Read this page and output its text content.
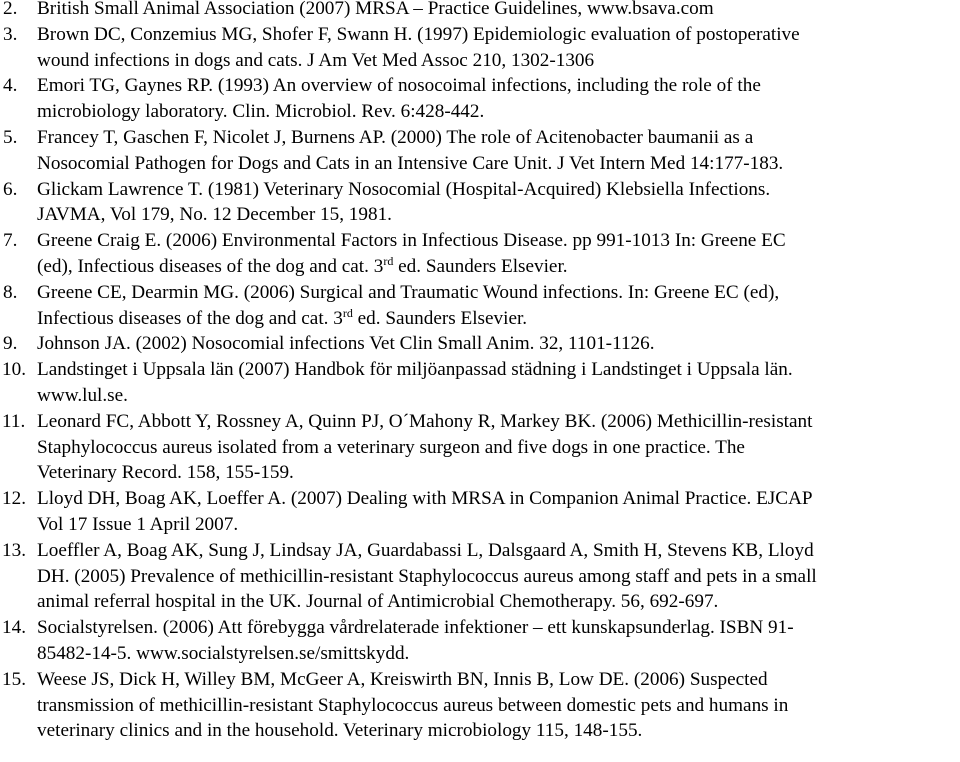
2. British Small Animal Association (2007) MRSA – Practice Guidelines, www.bsava.com
3. Brown DC, Conzemius MG, Shofer F, Swann H. (1997) Epidemiologic evaluation of postoperative
wound infections in dogs and cats. J Am Vet Med Assoc 210, 1302-1306
4. Emori TG, Gaynes RP. (1993) An overview of nosocoimal infections, including the role of the
microbiology laboratory. Clin. Microbiol. Rev. 6:428-442.
5. Francey T, Gaschen F, Nicolet J, Burnens AP. (2000) The role of Acitenobacter baumanii as a
Nosocomial Pathogen for Dogs and Cats in an Intensive Care Unit. J Vet Intern Med 14:177-183.
6. Glickam Lawrence T. (1981) Veterinary Nosocomial (Hospital-Acquired) Klebsiella Infections.
JAVMA, Vol 179, No. 12 December 15, 1981.
7. Greene Craig E. (2006) Environmental Factors in Infectious Disease. pp 991-1013 In: Greene EC
(ed), Infectious diseases of the dog and cat. 3rd ed. Saunders Elsevier.
8. Greene CE, Dearmin MG. (2006) Surgical and Traumatic Wound infections. In: Greene EC (ed),
Infectious diseases of the dog and cat. 3rd ed. Saunders Elsevier.
9. Johnson JA. (2002) Nosocomial infections Vet Clin Small Anim. 32, 1101-1126.
10. Landstinget i Uppsala län (2007) Handbok för miljöanpassad städning i Landstinget i Uppsala län.
www.lul.se.
11. Leonard FC, Abbott Y, Rossney A, Quinn PJ, O´Mahony R, Markey BK. (2006) Methicillin-resistant
Staphylococcus aureus isolated from a veterinary surgeon and five dogs in one practice. The
Veterinary Record. 158, 155-159.
12. Lloyd DH, Boag AK, Loeffer A. (2007) Dealing with MRSA in Companion Animal Practice. EJCAP
Vol 17 Issue 1 April 2007.
13. Loeffler A, Boag AK, Sung J, Lindsay JA, Guardabassi L, Dalsgaard A, Smith H, Stevens KB, Lloyd
DH. (2005) Prevalence of methicillin-resistant Staphylococcus aureus among staff and pets in a small
animal referral hospital in the UK. Journal of Antimicrobial Chemotherapy. 56, 692-697.
14. Socialstyrelsen. (2006) Att förebygga vårdrelaterade infektioner – ett kunskapsunderlag. ISBN 91-
85482-14-5. www.socialstyrelsen.se/smittskydd.
15. Weese JS, Dick H, Willey BM, McGeer A, Kreiswirth BN, Innis B, Low DE. (2006) Suspected
transmission of methicillin-resistant Staphylococcus aureus between domestic pets and humans in
veterinary clinics and in the household. Veterinary microbiology 115, 148-155.
